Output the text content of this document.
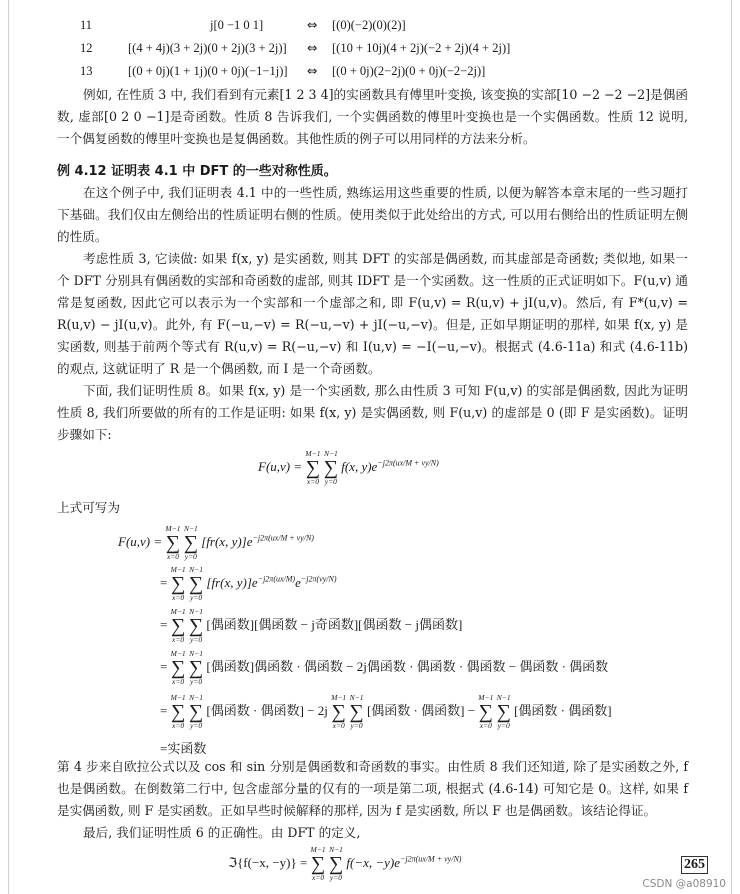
11	j[0 −1 0 1]	⇔ [(0)(−2)(0)(2)]
12	[(4 + 4j)(3 + 2j)(0 + 2j)(3 + 2j)] ⇔ [(10 + 10j)(4 + 2j)(−2 + 2j)(4 + 2j)]
13	[(0 + 0j)(1 + 1j)(0 + 0j)(−1−1j)] ⇔ [(0 + 0j)(2−2j)(0 + 0j)(−2−2j)]
例如, 在性质 3 中, 我们看到有元素[1 2 3 4]的实函数具有傅里叶变换, 该变换的实部[10 −2 −2 −2]是偶函数, 虚部[0 2 0 −1]是奇函数。性质 8 告诉我们, 一个实偶函数的傅里叶变换也是一个实偶函数。性质 12 说明, 一个偶复函数的傅里叶变换也是复偶函数。其他性质的例子可以用同样的方法来分析。
例 4.12 证明表 4.1 中 DFT 的一些对称性质。
在这个例子中, 我们证明表 4.1 中的一些性质, 熟练运用这些重要的性质, 以便为解答本章末尾的一些习题打下基础。我们仅由左侧给出的性质证明右侧的性质。使用类似于此处给出的方式, 可以用右侧给出的性质证明左侧的性质。
考虑性质 3, 它读做: 如果 f(x, y) 是实函数, 则其 DFT 的实部是偶函数, 而其虚部是奇函数; 类似地, 如果一个 DFT 分别具有偶函数的实部和奇函数的虚部, 则其 IDFT 是一个实函数。这一性质的正式证明如下。F(u,v) 通常是复函数, 因此它可以表示为一个实部和一个虚部之和, 即 F(u,v) = R(u,v) + jI(u,v)。然后, 有 F*(u,v) = R(u,v) − jI(u,v)。此外, 有 F(−u,−v) = R(−u,−v) + jI(−u,−v)。但是, 正如早期证明的那样, 如果 f(x, y) 是实函数, 则基于前两个等式有 R(u,v) = R(−u,−v) 和 I(u,v) = −I(−u,−v)。根据式 (4.6-11a) 和式 (4.6-11b) 的观点, 这就证明了 R 是一个偶函数, 而 I 是一个奇函数。
下面, 我们证明性质 8。如果 f(x, y) 是一个实函数, 那么由性质 3 可知 F(u,v) 的实部是偶函数, 因此为证明性质 8, 我们所要做的所有的工作是证明: 如果 f(x, y) 是实偶函数, 则 F(u,v) 的虚部是 0 (即 F 是实函数)。证明步骤如下:
F(u,v) =
M−1
∑
x=0

N−1
∑
y=0
f(x, $y)e^{-j2\pi(ux/M + vy/N)}$
上式可写为
F(u,v) =
M−1
∑
x=0

N−1
∑
y=0
[fr(x, $y)]e^{-j2\pi(ux/M + vy/N)}$
=
M−1
∑
x=0

N−1
∑
y=0
[fr(x, $y)]e^{-j2\pi(ux/M)}e^{-j2\pi(vy/N)}$
=
M−1
∑
x=0

N−1
∑
y=0
[偶函数][偶函数 − j奇函数][偶函数 − j偶函数]
=
M−1
∑
x=0

N−1
∑
y=0
[偶函数]偶函数 · 偶函数 − 2j偶函数 · 偶函数 · 偶函数 − 偶函数 · 偶函数
=
M−1
∑
x=0

N−1
∑
y=0
[偶函数 · 偶函数] − 2j
M−1
∑
x=0

N−1
∑
y=0
[偶函数 · 偶函数] −
M−1
∑
x=0

N−1
∑
y=0
[偶函数 · 偶函数]
=实函数
第 4 步来自欧拉公式以及 cos 和 sin 分别是偶函数和奇函数的事实。由性质 8 我们还知道, 除了是实函数之外, f 也是偶函数。在倒数第二行中, 包含虚部分量的仅有的一项是第二项, 根据式 (4.6-14) 可知它是 0。这样, 如果 f 是实偶函数, 则 F 是实函数。正如早些时候解释的那样, 因为 f 是实函数, 所以 F 也是偶函数。该结论得证。
最后, 我们证明性质 6 的正确性。由 DFT 的定义,
ℑ{f(−x, −y)} =
M−1
∑
x=0

N−1
∑
y=0
f(−x, $-y)e^{-j2\pi(ux/M + vy/N)}$	265
CSDN @a08910
